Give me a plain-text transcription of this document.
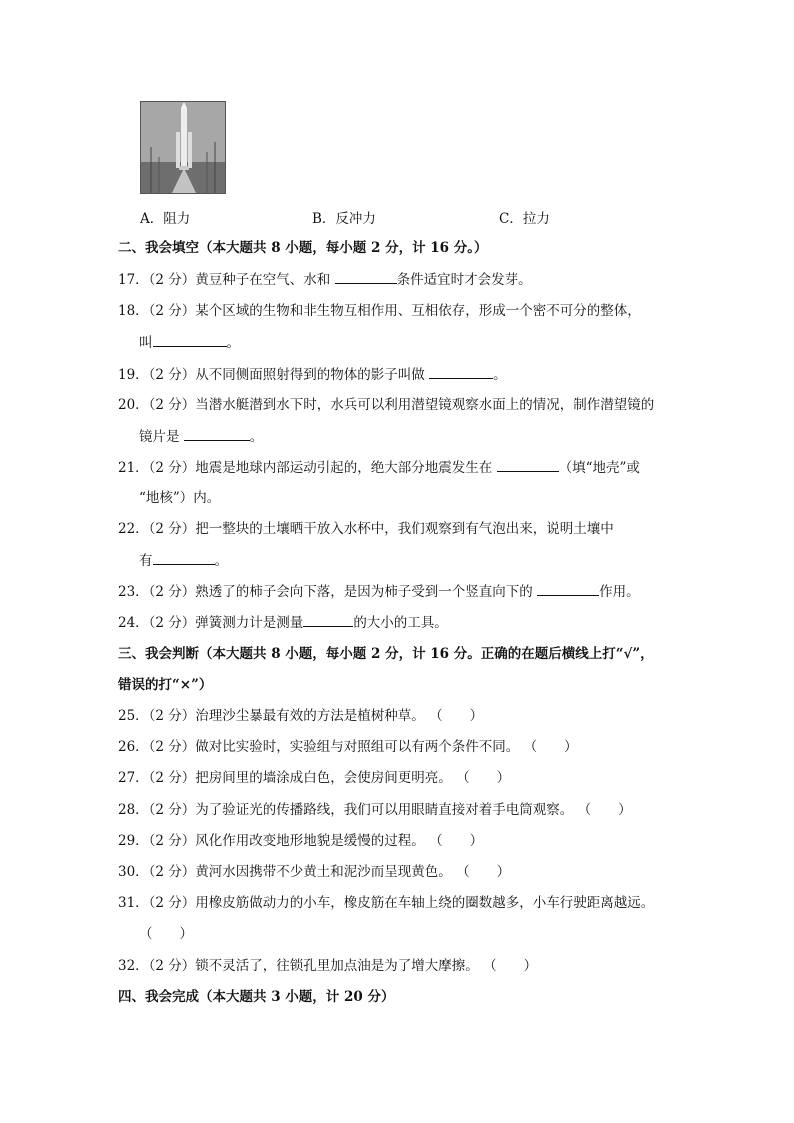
A．阻力	B．反冲力	C．拉力
二、我会填空（本大题共 8 小题，每小题 2 分，计 16 分。）
17．（2 分）黄豆种子在空气、水和	条件适宜时才会发芽。
18．（2 分）某个区域的生物和非生物互相作用、互相依存，形成一个密不可分的整体，
叫	。
19．（2 分）从不同侧面照射得到的物体的影子叫做	。
20．（2 分）当潜水艇潜到水下时，水兵可以利用潜望镜观察水面上的情况，制作潜望镜的
镜片是	。
21．（2 分）地震是地球内部运动引起的，绝大部分地震发生在	（填“地壳”或
“地核”）内。
22．（2 分）把一整块的土壤晒干放入水杯中，我们观察到有气泡出来，说明土壤中
有	。
23．（2 分）熟透了的柿子会向下落，是因为柿子受到一个竖直向下的	作用。
24．（2 分）弹簧测力计是测量	的大小的工具。
三、我会判断（本大题共 8 小题，每小题 2 分，计 16 分。正确的在题后横线上打“√”，
错误的打“×”）
25．（2 分）治理沙尘暴最有效的方法是植树种草。 （　　）
26．（2 分）做对比实验时，实验组与对照组可以有两个条件不同。 （　　）
27．（2 分）把房间里的墙涂成白色，会使房间更明亮。 （　　）
28．（2 分）为了验证光的传播路线，我们可以用眼睛直接对着手电筒观察。 （　　）
29．（2 分）风化作用改变地形地貌是缓慢的过程。 （　　）
30．（2 分）黄河水因携带不少黄土和泥沙而呈现黄色。 （　　）
31．（2 分）用橡皮筋做动力的小车，橡皮筋在车轴上绕的圈数越多，小车行驶距离越远。
（　　）
32．（2 分）锁不灵活了，往锁孔里加点油是为了增大摩擦。 （　　）
四、我会完成（本大题共 3 小题，计 20 分）
